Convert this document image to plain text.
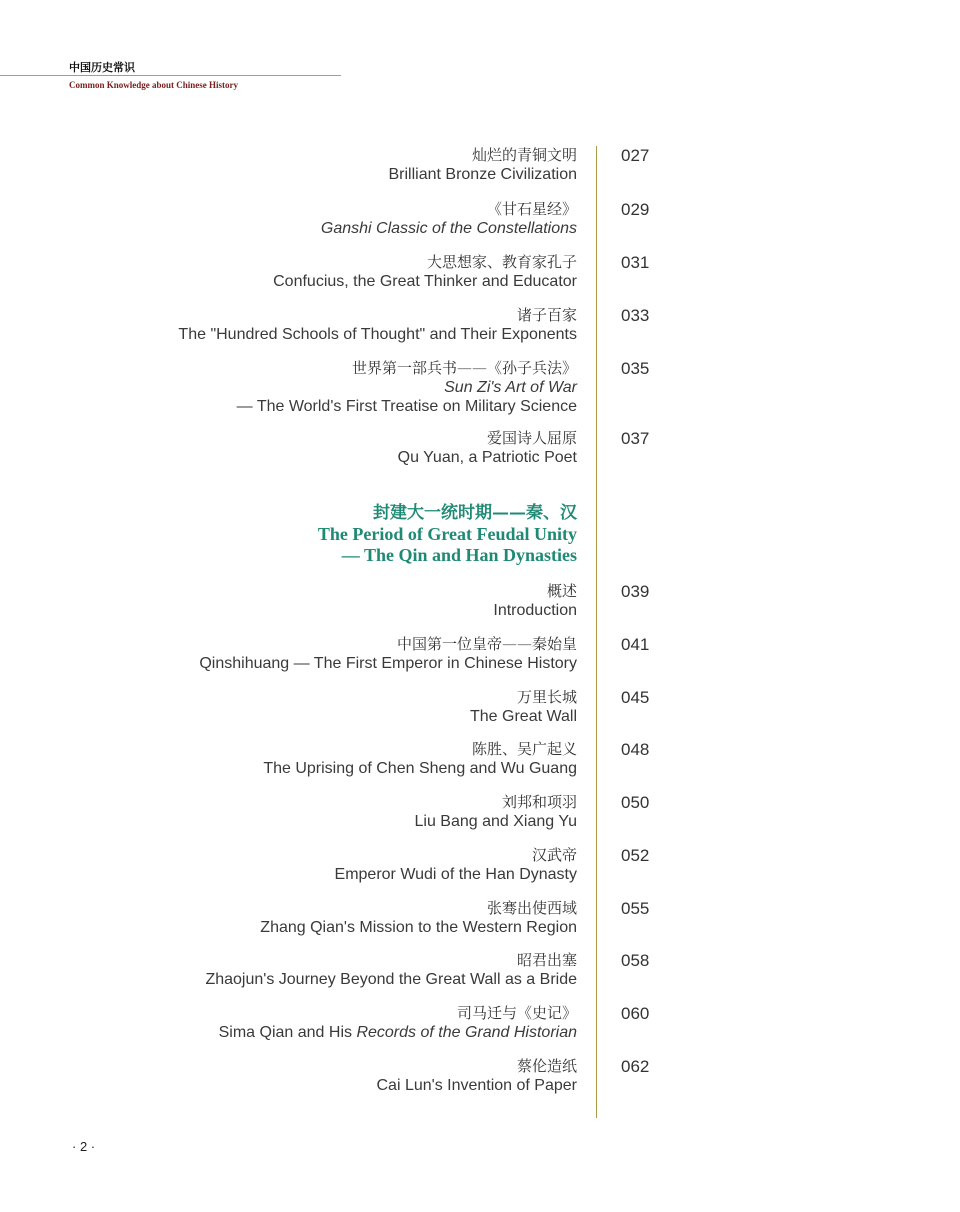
中国历史常识
Common Knowledge about Chinese History
灿烂的青铜文明
Brilliant Bronze Civilization
027
《甘石星经》
Ganshi Classic of the Constellations
029
大思想家、教育家孔子
Confucius, the Great Thinker and Educator
031
诸子百家
The "Hundred Schools of Thought" and Their Exponents
033
世界第一部兵书——《孙子兵法》
Sun Zi's Art of War
— The World's First Treatise on Military Science
035
爱国诗人屈原
Qu Yuan, a Patriotic Poet
037
封建大一统时期——秦、汉
The Period of Great Feudal Unity
— The Qin and Han Dynasties
概述
Introduction
039
中国第一位皇帝——秦始皇
Qinshihuang — The First Emperor in Chinese History
041
万里长城
The Great Wall
045
陈胜、吴广起义
The Uprising of Chen Sheng and Wu Guang
048
刘邦和项羽
Liu Bang and Xiang Yu
050
汉武帝
Emperor Wudi of the Han Dynasty
052
张骞出使西域
Zhang Qian's Mission to the Western Region
055
昭君出塞
Zhaojun's Journey Beyond the Great Wall as a Bride
058
司马迁与《史记》
Sima Qian and His Records of the Grand Historian
060
蔡伦造纸
Cai Lun's Invention of Paper
062
· 2 ·
